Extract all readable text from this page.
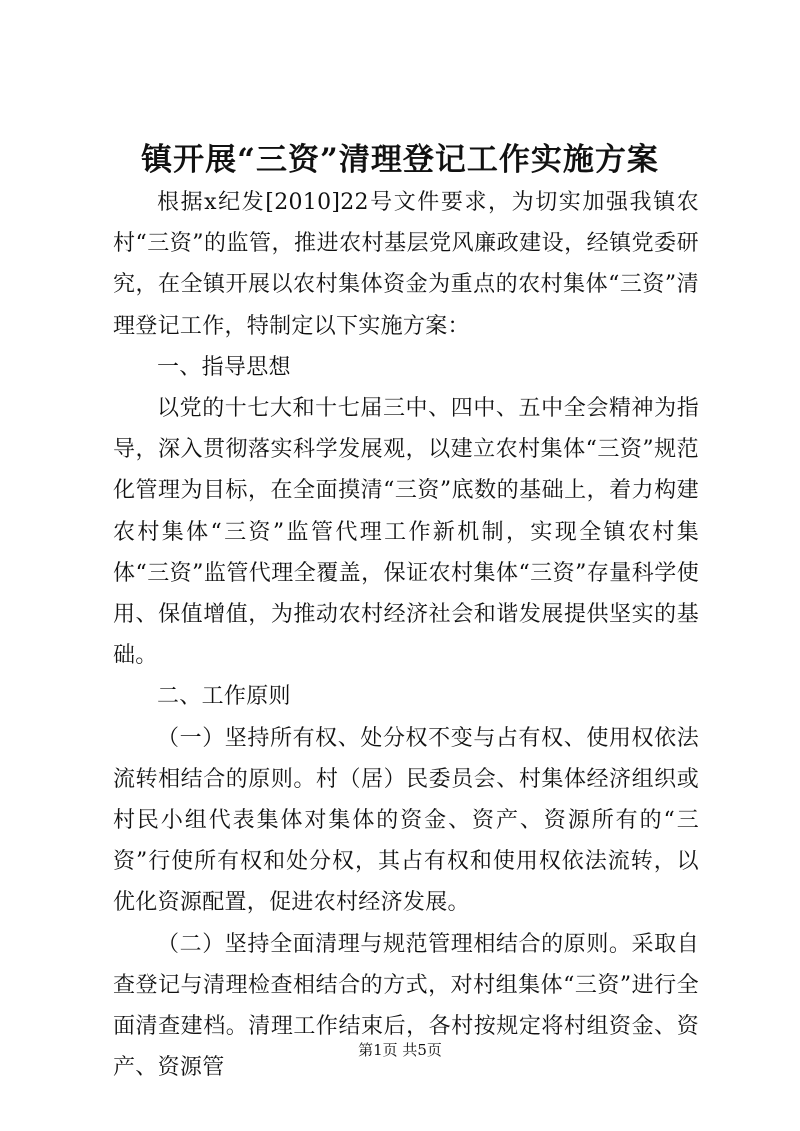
镇开展“三资”清理登记工作实施方案

根据x纪发[2010]22号文件要求，为切实加强我镇农村“三资”的监管，推进农村基层党风廉政建设，经镇党委研究，在全镇开展以农村集体资金为重点的农村集体“三资”清理登记工作，特制定以下实施方案：

一、指导思想

以党的十七大和十七届三中、四中、五中全会精神为指导，深入贯彻落实科学发展观，以建立农村集体“三资”规范化管理为目标，在全面摸清“三资”底数的基础上，着力构建农村集体“三资”监管代理工作新机制，实现全镇农村集体“三资”监管代理全覆盖，保证农村集体“三资”存量科学使用、保值增值，为推动农村经济社会和谐发展提供坚实的基础。

二、工作原则

（一）坚持所有权、处分权不变与占有权、使用权依法流转相结合的原则。村（居）民委员会、村集体经济组织或村民小组代表集体对集体的资金、资产、资源所有的“三资”行使所有权和处分权，其占有权和使用权依法流转，以优化资源配置，促进农村经济发展。

（二）坚持全面清理与规范管理相结合的原则。采取自查登记与清理检查相结合的方式，对村组集体“三资”进行全面清查建档。清理工作结束后，各村按规定将村组资金、资产、资源管

第1页 共5页
